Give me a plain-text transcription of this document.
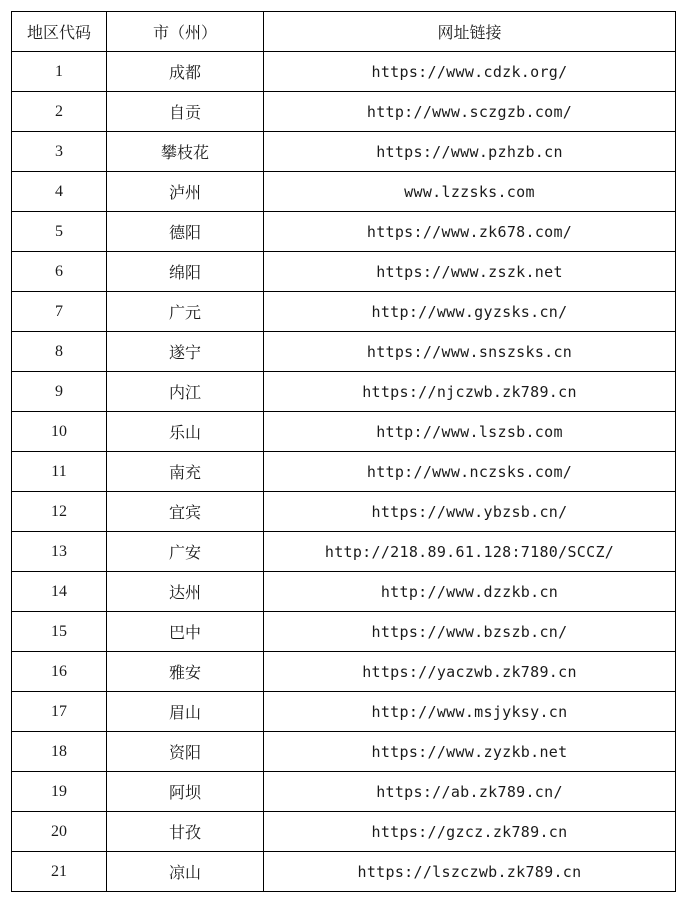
地区代码	市（州）	网址链接
1	成都	https://www.cdzk.org/
2	自贡	http://www.sczgzb.com/
3	攀枝花	https://www.pzhzb.cn
4	泸州	www.lzzsks.com
5	德阳	https://www.zk678.com/
6	绵阳	https://www.zszk.net
7	广元	http://www.gyzsks.cn/
8	遂宁	https://www.snszsks.cn
9	内江	https://njczwb.zk789.cn
10	乐山	http://www.lszsb.com
11	南充	http://www.nczsks.com/
12	宜宾	https://www.ybzsb.cn/
13	广安	http://218.89.61.128:7180/SCCZ/
14	达州	http://www.dzzkb.cn
15	巴中	https://www.bzszb.cn/
16	雅安	https://yaczwb.zk789.cn
17	眉山	http://www.msjyksy.cn
18	资阳	https://www.zyzkb.net
19	阿坝	https://ab.zk789.cn/
20	甘孜	https://gzcz.zk789.cn
21	凉山	https://lszczwb.zk789.cn
